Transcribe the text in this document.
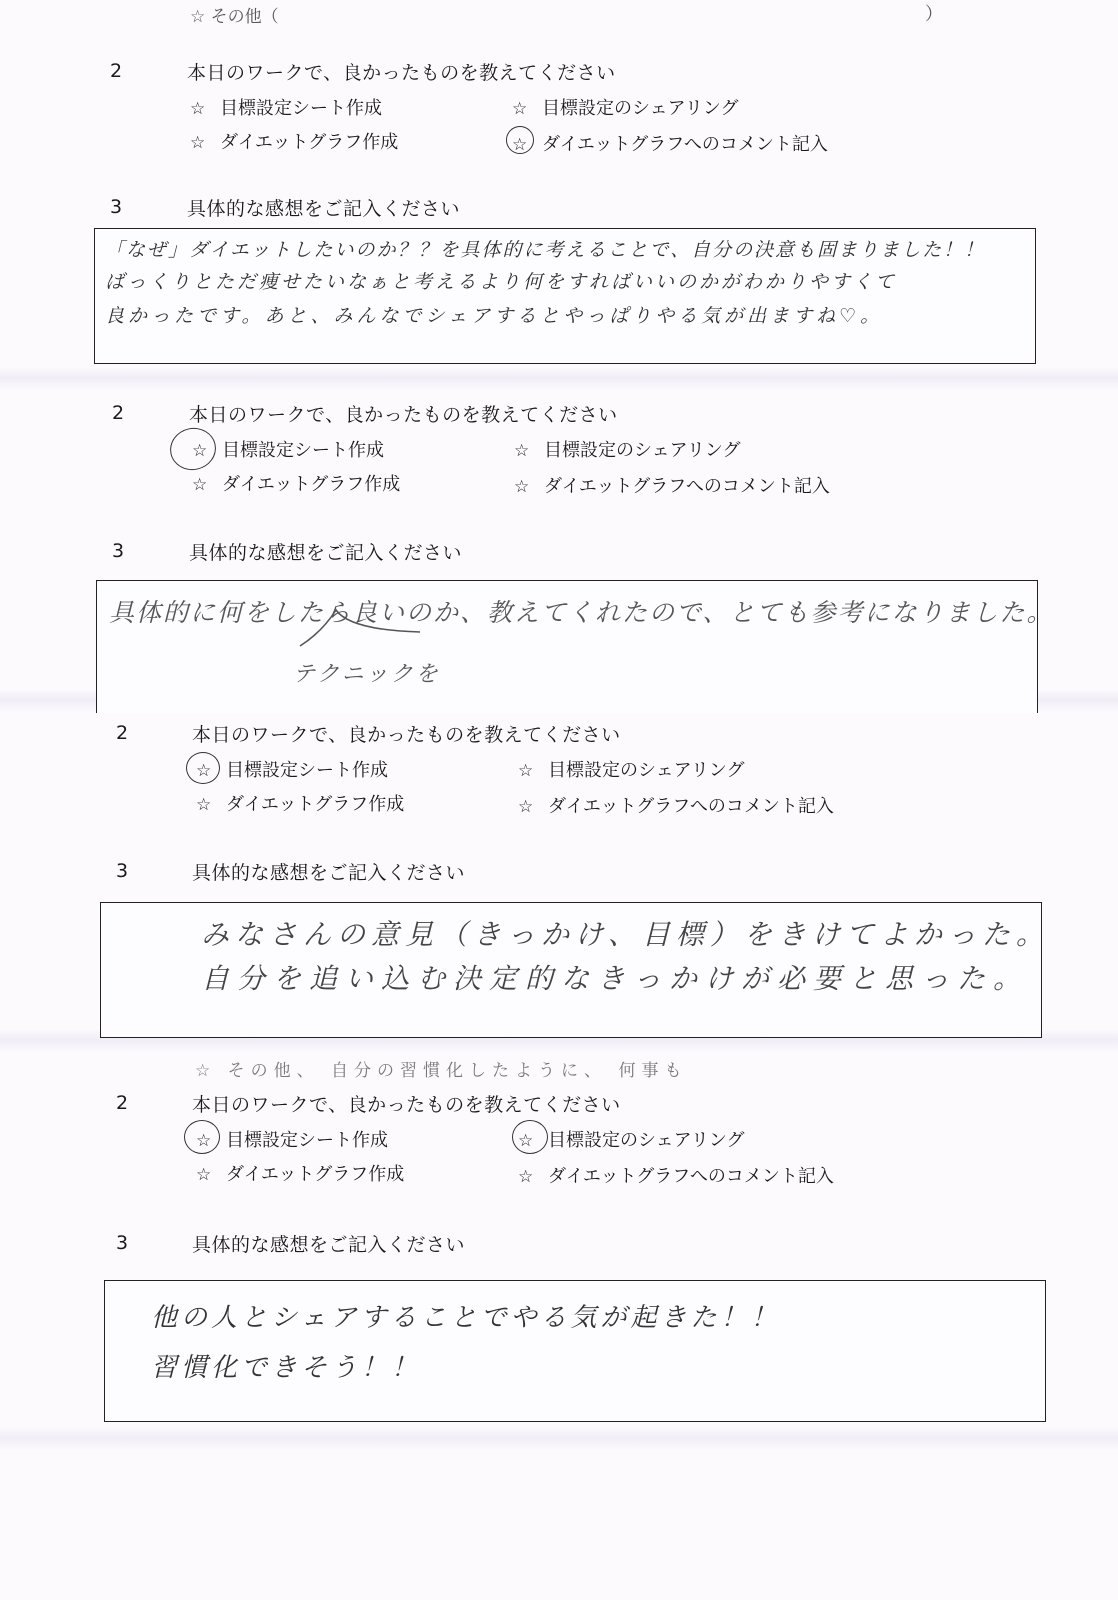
☆ その他（	）
☆ その他、 自分の習慣化したように、 何事も
2	本日のワークで、良かったものを教えてください
☆ 目標設定シート作成	☆ 目標設定のシェアリング
☆ ダイエットグラフ作成	☆ ダイエットグラフへのコメント記入
3	具体的な感想をご記入ください
「なぜ」ダイエットしたいのか？？を具体的に考えることで、自分の決意も固まりました！！
ばっくりとただ痩せたいなぁと考えるより何をすればいいのかがわかりやすくて
良かったです。あと、みんなでシェアするとやっぱりやる気が出ますね♡。
2	本日のワークで、良かったものを教えてください
☆ 目標設定シート作成	☆ 目標設定のシェアリング
☆ ダイエットグラフ作成	☆ ダイエットグラフへのコメント記入
3	具体的な感想をご記入ください
具体的に何をしたら良いのか、教えてくれたので、とても参考になりました。
テクニックを
2	本日のワークで、良かったものを教えてください
☆ 目標設定シート作成	☆ 目標設定のシェアリング
☆ ダイエットグラフ作成	☆ ダイエットグラフへのコメント記入
3	具体的な感想をご記入ください
みなさんの意見（きっかけ、目標）をきけてよかった。
自分を追い込む決定的なきっかけが必要と思った。
2	本日のワークで、良かったものを教えてください
☆ 目標設定シート作成	☆ 目標設定のシェアリング
☆ ダイエットグラフ作成	☆ ダイエットグラフへのコメント記入
3	具体的な感想をご記入ください
他の人とシェアすることでやる気が起きた！！
習慣化できそう！！
